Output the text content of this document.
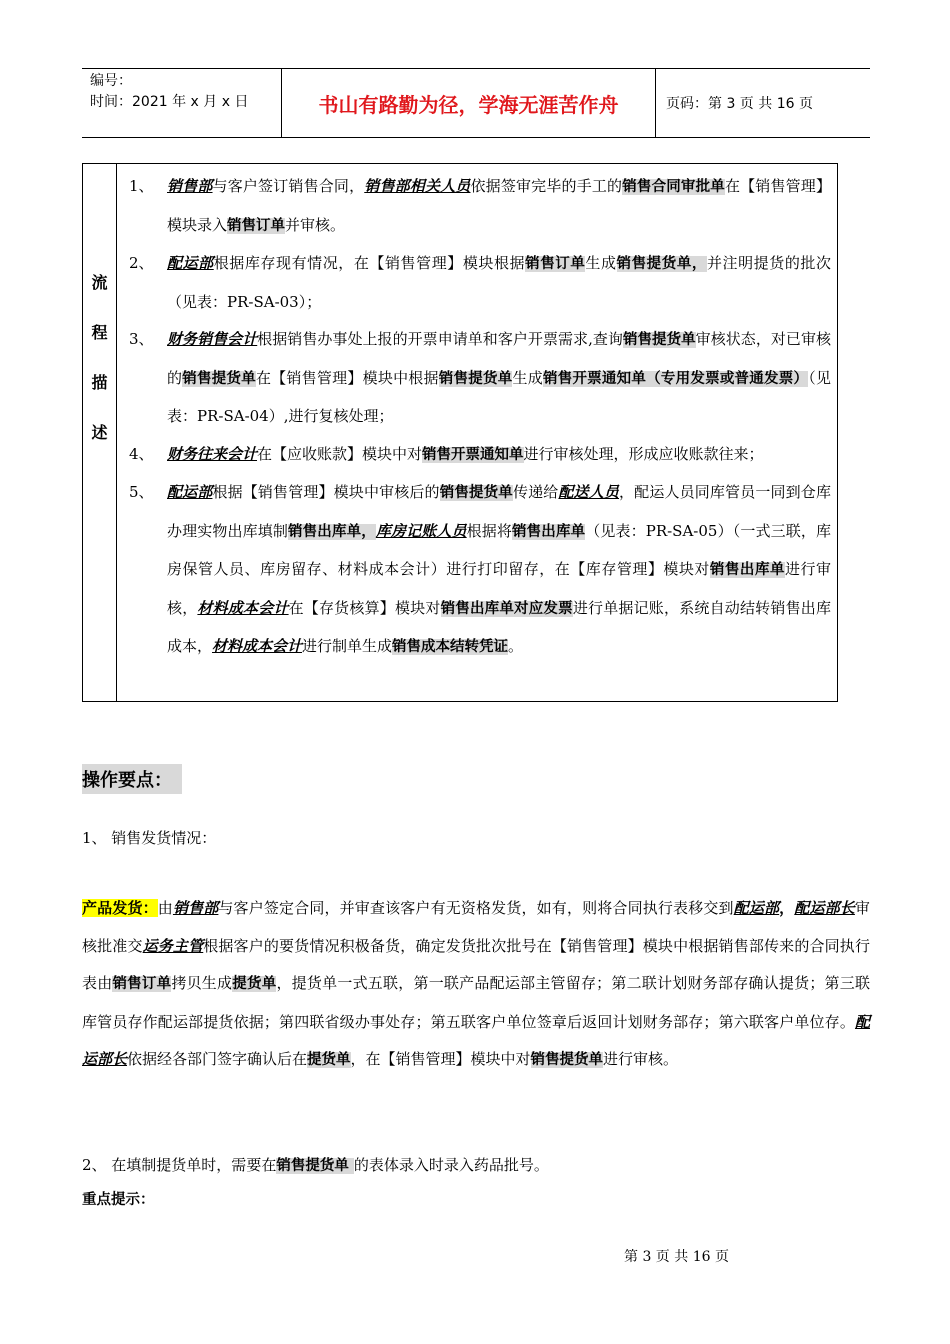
编号：
时间：2021 年 x 月 x 日	书山有路勤为径，学海无涯苦作舟	页码：第 3 页 共 16 页
流
程
描
述
1、 销售部与客户签订销售合同，销售部相关人员依据签审完毕的手工的销售合同审批单在【销售管理】模块录入销售订单并审核。
2、 配运部根据库存现有情况，在【销售管理】模块根据销售订单生成销售提货单，并注明提货的批次（见表：PR-SA-03）；
3、 财务销售会计根据销售办事处上报的开票申请单和客户开票需求,查询销售提货单审核状态，对已审核的销售提货单在【销售管理】模块中根据销售提货单生成销售开票通知单（专用发票或普通发票）（见表：PR-SA-04）,进行复核处理；
4、 财务往来会计在【应收账款】模块中对销售开票通知单进行审核处理，形成应收账款往来；
5、 配运部根据【销售管理】模块中审核后的销售提货单传递给配送人员，配运人员同库管员一同到仓库办理实物出库填制销售出库单，库房记账人员根据将销售出库单（见表：PR-SA-05）（一式三联，库房保管人员、库房留存、材料成本会计）进行打印留存，在【库存管理】模块对销售出库单进行审核，材料成本会计在【存货核算】模块对销售出库单对应发票进行单据记账，系统自动结转销售出库成本，材料成本会计进行制单生成销售成本结转凭证。
操作要点：
1、 销售发货情况：
产品发货：由销售部与客户签定合同，并审查该客户有无资格发货，如有，则将合同执行表移交到配运部，配运部长审核批准交运务主管根据客户的要货情况积极备货，确定发货批次批号在【销售管理】模块中根据销售部传来的合同执行表由销售订单拷贝生成提货单，提货单一式五联，第一联产品配运部主管留存；第二联计划财务部存确认提货；第三联库管员存作配运部提货依据；第四联省级办事处存；第五联客户单位签章后返回计划财务部存；第六联客户单位存。配运部长依据经各部门签字确认后在提货单，在【销售管理】模块中对销售提货单进行审核。
2、 在填制提货单时，需要在销售提货单 的表体录入时录入药品批号。
重点提示：
第 3 页 共 16 页
